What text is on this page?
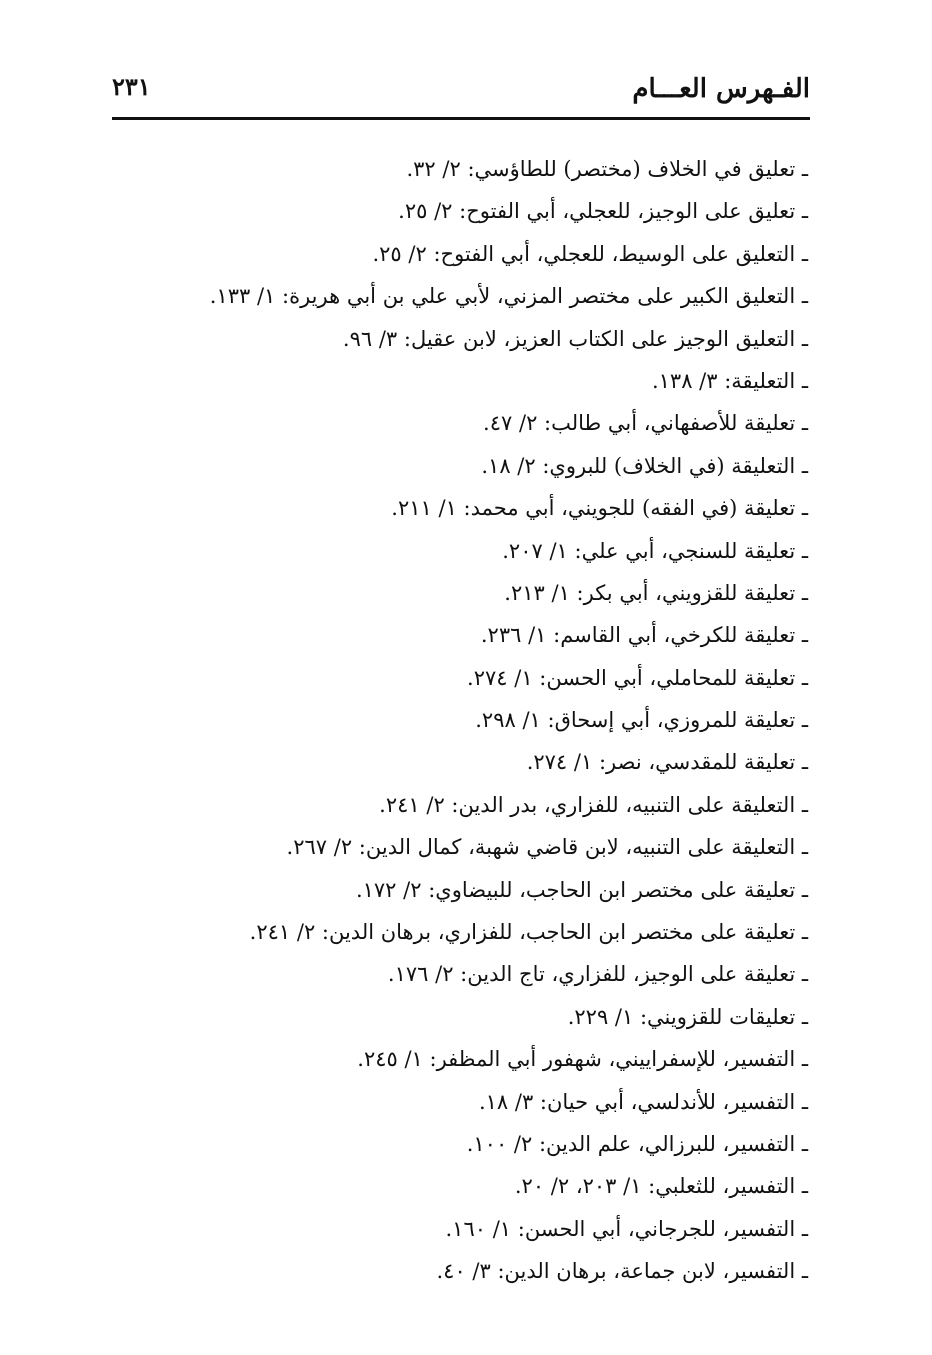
٢٣١	الفـهرس العـــام
ـ تعليق في الخلاف (مختصر) للطاؤسي: ٢/ ٣٢.
ـ تعليق على الوجيز، للعجلي، أبي الفتوح: ٢/ ٢٥.
ـ التعليق على الوسيط، للعجلي، أبي الفتوح: ٢/ ٢٥.
ـ التعليق الكبير على مختصر المزني، لأبي علي بن أبي هريرة: ١/ ١٣٣.
ـ التعليق الوجيز على الكتاب العزيز، لابن عقيل: ٣/ ٩٦.
ـ التعليقة: ٣/ ١٣٨.
ـ تعليقة للأصفهاني، أبي طالب: ٢/ ٤٧.
ـ التعليقة (في الخلاف) للبروي: ٢/ ١٨.
ـ تعليقة (في الفقه) للجويني، أبي محمد: ١/ ٢١١.
ـ تعليقة للسنجي، أبي علي: ١/ ٢٠٧.
ـ تعليقة للقزويني، أبي بكر: ١/ ٢١٣.
ـ تعليقة للكرخي، أبي القاسم: ١/ ٢٣٦.
ـ تعليقة للمحاملي، أبي الحسن: ١/ ٢٧٤.
ـ تعليقة للمروزي، أبي إسحاق: ١/ ٢٩٨.
ـ تعليقة للمقدسي، نصر: ١/ ٢٧٤.
ـ التعليقة على التنبيه، للفزاري، بدر الدين: ٢/ ٢٤١.
ـ التعليقة على التنبيه، لابن قاضي شهبة، كمال الدين: ٢/ ٢٦٧.
ـ تعليقة على مختصر ابن الحاجب، للبيضاوي: ٢/ ١٧٢.
ـ تعليقة على مختصر ابن الحاجب، للفزاري، برهان الدين: ٢/ ٢٤١.
ـ تعليقة على الوجيز، للفزاري، تاج الدين: ٢/ ١٧٦.
ـ تعليقات للقزويني: ١/ ٢٢٩.
ـ التفسير، للإسفراييني، شهفور أبي المظفر: ١/ ٢٤٥.
ـ التفسير، للأندلسي، أبي حيان: ٣/ ١٨.
ـ التفسير، للبرزالي، علم الدين: ٢/ ١٠٠.
ـ التفسير، للثعلبي: ١/ ٢٠٣، ٢/ ٢٠.
ـ التفسير، للجرجاني، أبي الحسن: ١/ ١٦٠.
ـ التفسير، لابن جماعة، برهان الدين: ٣/ ٤٠.
